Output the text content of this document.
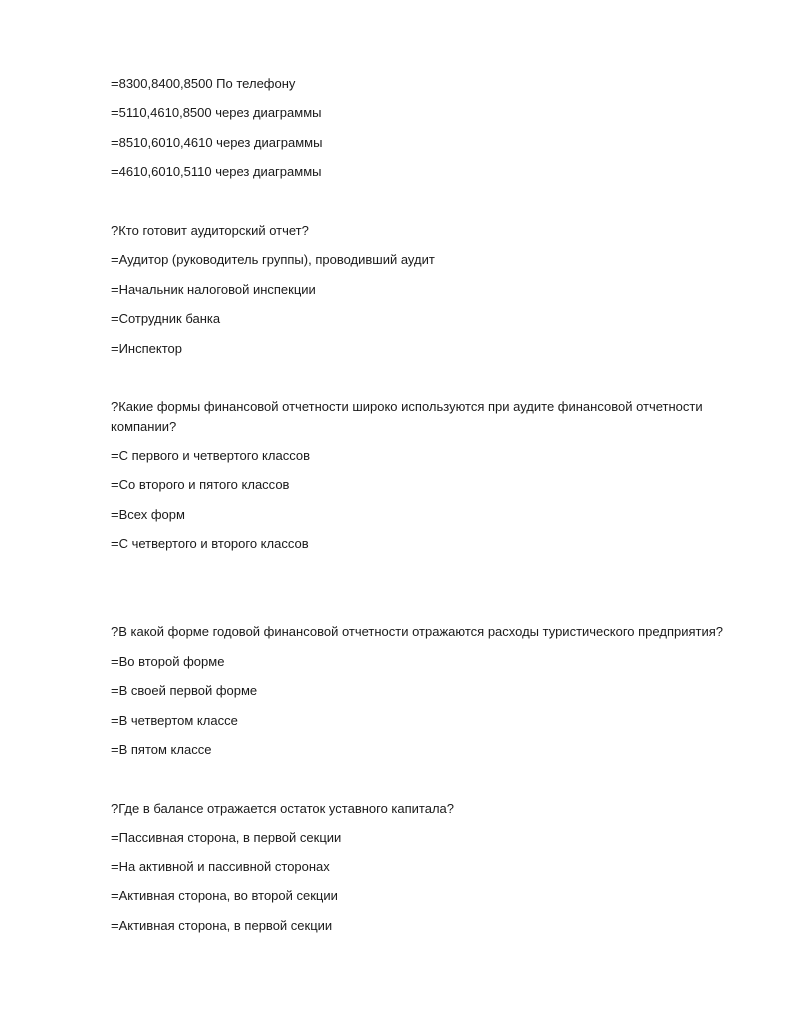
=8300,8400,8500 По телефону
=5110,4610,8500 через диаграммы
=8510,6010,4610 через диаграммы
=4610,6010,5110 через диаграммы
?Кто готовит аудиторский отчет?
=Аудитор (руководитель группы), проводивший аудит
=Начальник налоговой инспекции
=Сотрудник банка
=Инспектор
?Какие формы финансовой отчетности широко используются при аудите финансовой отчетности компании?
=С первого и четвертого классов
=Со второго и пятого классов
=Всех форм
=С четвертого и второго классов
?В какой форме годовой финансовой отчетности отражаются расходы туристического предприятия?
=Во второй форме
=В своей первой форме
=В четвертом классе
=В пятом классе
?Где в балансе отражается остаток уставного капитала?
=Пассивная сторона, в первой секции
=На активной и пассивной сторонах
=Активная сторона, во второй секции
=Активная сторона, в первой секции
